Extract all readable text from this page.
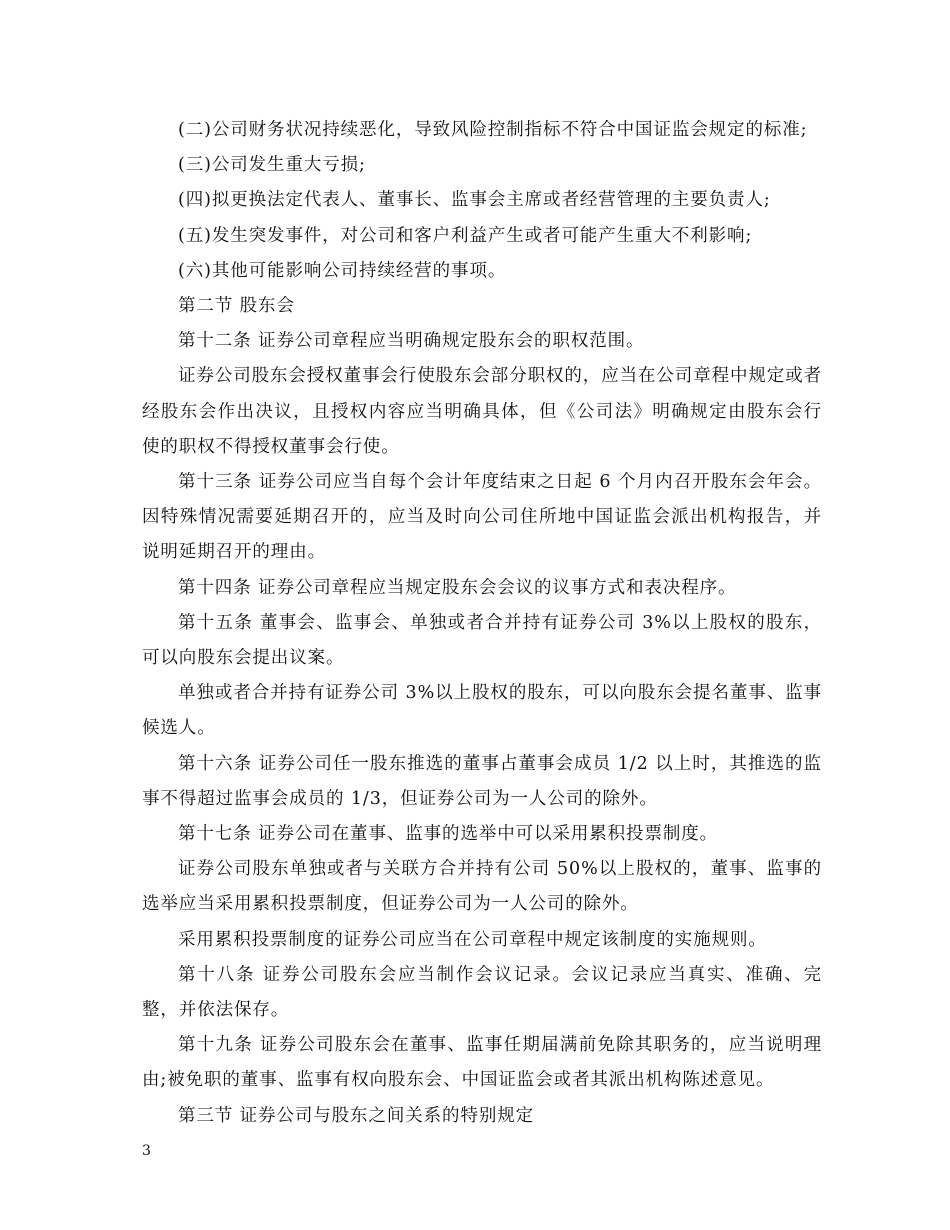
(二)公司财务状况持续恶化，导致风险控制指标不符合中国证监会规定的标准;

(三)公司发生重大亏损;

(四)拟更换法定代表人、董事长、监事会主席或者经营管理的主要负责人;

(五)发生突发事件，对公司和客户利益产生或者可能产生重大不利影响;

(六)其他可能影响公司持续经营的事项。

第二节 股东会

第十二条 证券公司章程应当明确规定股东会的职权范围。

证券公司股东会授权董事会行使股东会部分职权的，应当在公司章程中规定或者经股东会作出决议，且授权内容应当明确具体，但《公司法》明确规定由股东会行使的职权不得授权董事会行使。

第十三条 证券公司应当自每个会计年度结束之日起 6 个月内召开股东会年会。因特殊情况需要延期召开的，应当及时向公司住所地中国证监会派出机构报告，并说明延期召开的理由。

第十四条 证券公司章程应当规定股东会会议的议事方式和表决程序。

第十五条 董事会、监事会、单独或者合并持有证券公司 3%以上股权的股东，可以向股东会提出议案。

单独或者合并持有证券公司 3%以上股权的股东，可以向股东会提名董事、监事候选人。

第十六条 证券公司任一股东推选的董事占董事会成员 1/2 以上时，其推选的监事不得超过监事会成员的 1/3，但证券公司为一人公司的除外。

第十七条 证券公司在董事、监事的选举中可以采用累积投票制度。

证券公司股东单独或者与关联方合并持有公司 50%以上股权的，董事、监事的选举应当采用累积投票制度，但证券公司为一人公司的除外。

采用累积投票制度的证券公司应当在公司章程中规定该制度的实施规则。

第十八条 证券公司股东会应当制作会议记录。会议记录应当真实、准确、完整，并依法保存。

第十九条 证券公司股东会在董事、监事任期届满前免除其职务的，应当说明理由;被免职的董事、监事有权向股东会、中国证监会或者其派出机构陈述意见。

第三节 证券公司与股东之间关系的特别规定

3
